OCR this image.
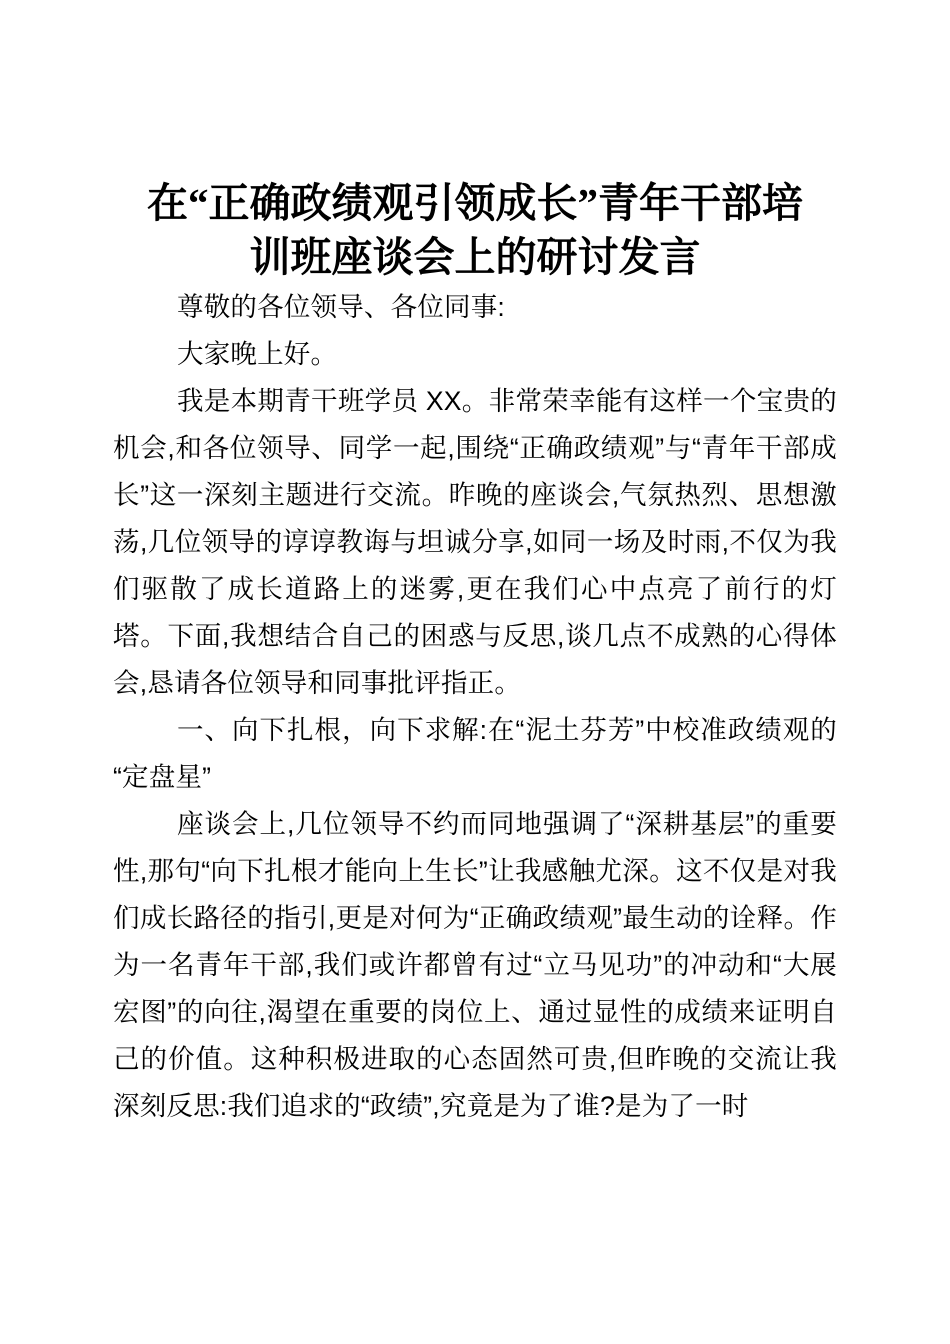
在“正确政绩观引领成长”青年干部培
训班座谈会上的研讨发言

尊敬的各位领导、各位同事:

大家晚上好。

我是本期青干班学员 XX。非常荣幸能有这样一个宝贵的机会,和各位领导、同学一起,围绕“正确政绩观”与“青年干部成长”这一深刻主题进行交流。昨晚的座谈会,气氛热烈、思想激荡,几位领导的谆谆教诲与坦诚分享,如同一场及时雨,不仅为我们驱散了成长道路上的迷雾,更在我们心中点亮了前行的灯塔。下面,我想结合自己的困惑与反思,谈几点不成熟的心得体会,恳请各位领导和同事批评指正。

一、向下扎根，向下求解:在“泥土芬芳”中校准政绩观的“定盘星”

座谈会上,几位领导不约而同地强调了“深耕基层”的重要性,那句“向下扎根才能向上生长”让我感触尤深。这不仅是对我们成长路径的指引,更是对何为“正确政绩观”最生动的诠释。作为一名青年干部,我们或许都曾有过“立马见功”的冲动和“大展宏图”的向往,渴望在重要的岗位上、通过显性的成绩来证明自己的价值。这种积极进取的心态固然可贵,但昨晚的交流让我深刻反思:我们追求的“政绩”,究竟是为了谁?是为了一时
